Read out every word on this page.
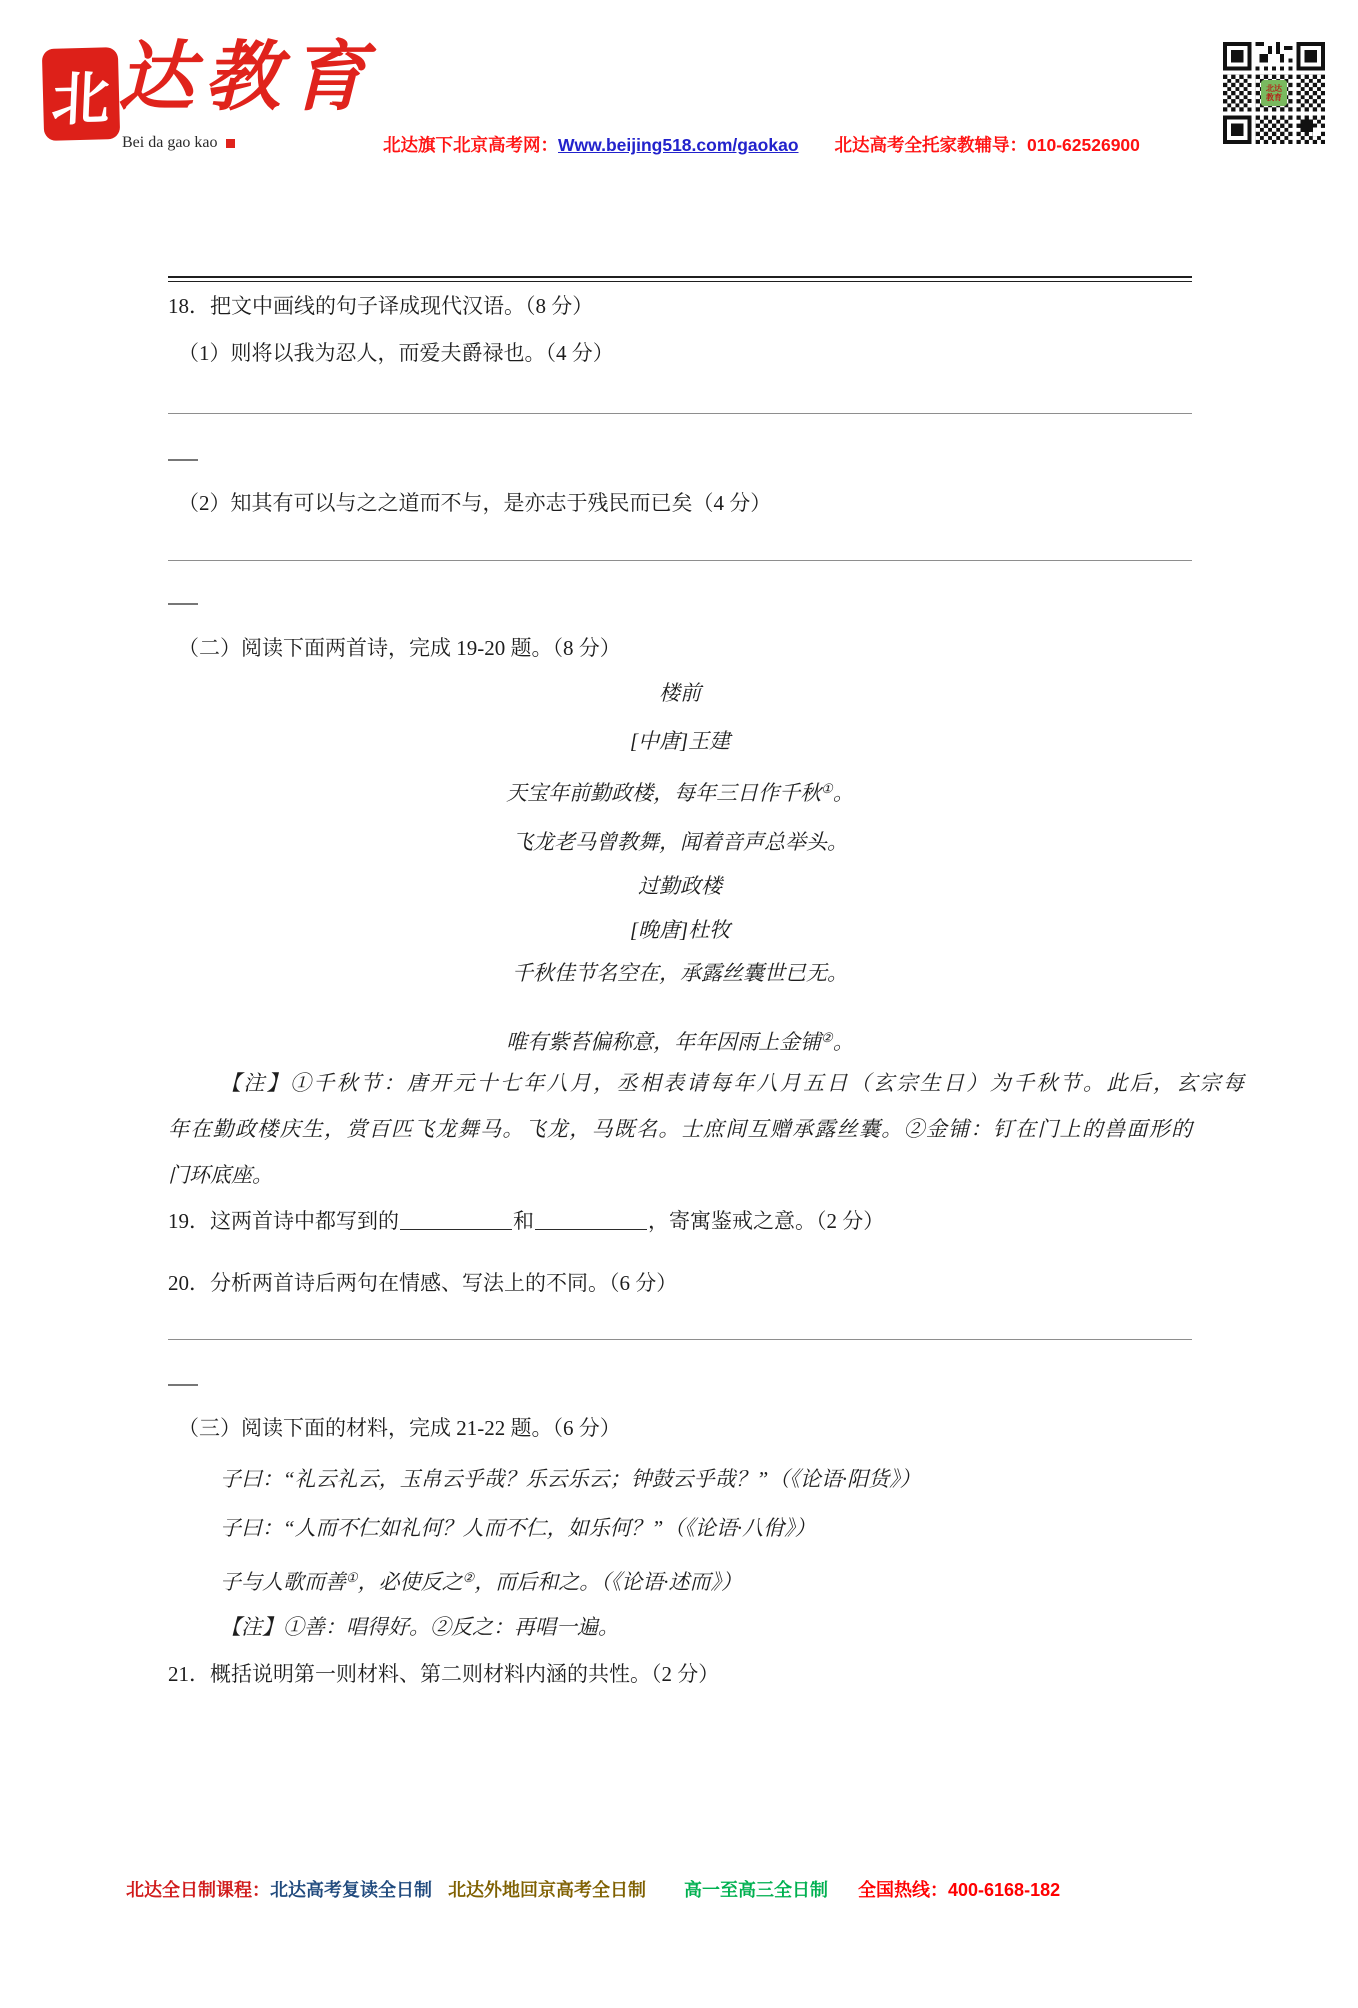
北 达教育
Bei da gao kao	北达旗下北京高考网： Www.beijing518.com/gaokao 北达高考全托家教辅导：010-62526900
北达教育
18．把文中画线的句子译成现代汉语。（8 分）
（1）则将以我为忍人，而爱夫爵禄也。（4 分）
（2）知其有可以与之之道而不与，是亦志于残民而已矣（4 分）
（二）阅读下面两首诗，完成 19-20 题。（8 分）
楼前
[中唐]王建
天宝年前勤政楼，每年三日作千秋①。
飞龙老马曾教舞，闻着音声总举头。
过勤政楼
[晚唐]杜牧
千秋佳节名空在，承露丝囊世已无。
唯有紫苔偏称意，年年因雨上金铺②。
【注】①千秋节：唐开元十七年八月，丞相表请每年八月五日（玄宗生日）为千秋节。此后，玄宗每
年在勤政楼庆生，赏百匹飞龙舞马。飞龙，马既名。士庶间互赠承露丝囊。②金铺：钉在门上的兽面形的
门环底座。
19．这两首诗中都写到的	和	，寄寓鉴戒之意。（2 分）
20．分析两首诗后两句在情感、写法上的不同。（6 分）
（三）阅读下面的材料，完成 21-22 题。（6 分）
子曰：“礼云礼云，玉帛云乎哉？乐云乐云；钟鼓云乎哉？”（《论语·阳货》）
子曰：“人而不仁如礼何？人而不仁，如乐何？”（《论语·八佾》）
子与人歌而善①，必使反之②，而后和之。（《论语·述而》）
【注】①善：唱得好。②反之：再唱一遍。
21．概括说明第一则材料、第二则材料内涵的共性。（2 分）
北达全日制课程： 北达高考复读全日制 北达外地回京高考全日制 高一至高三全日制 全国热线：400-6168-182
